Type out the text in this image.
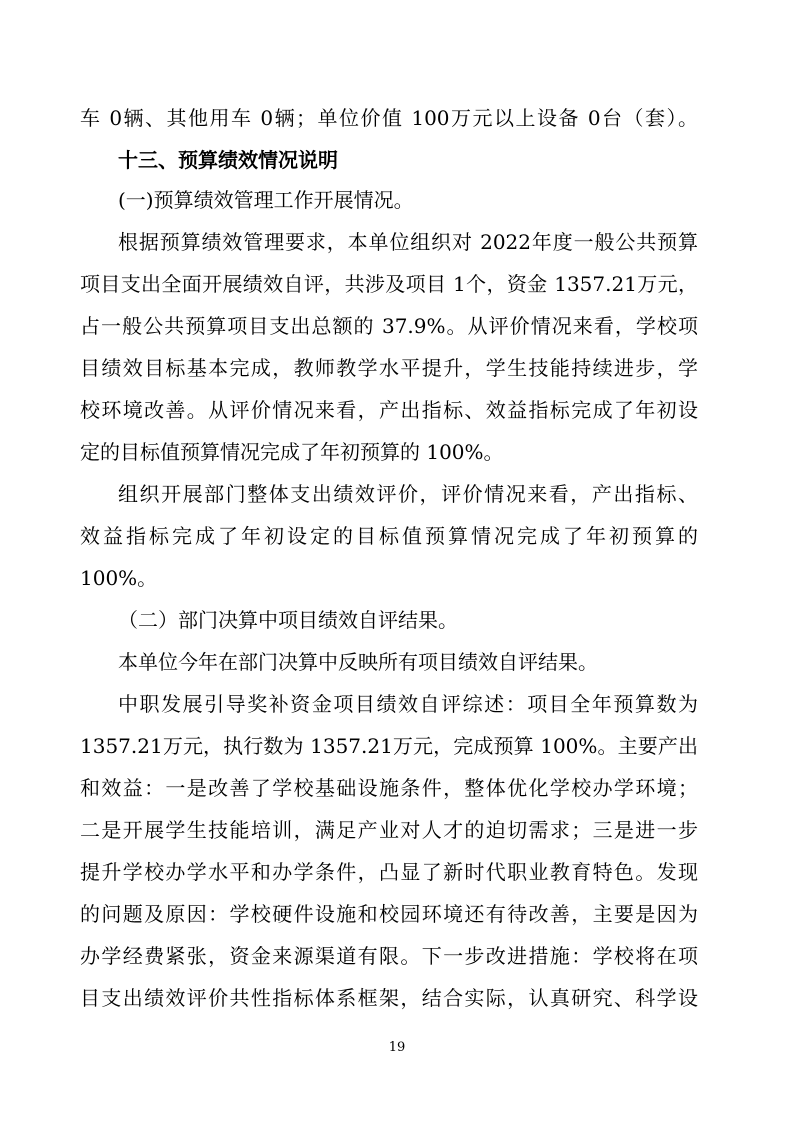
车 0辆、其他用车 0辆；单位价值 100万元以上设备 0台（套）。
十三、预算绩效情况说明
(一)预算绩效管理工作开展情况。
根据预算绩效管理要求，本单位组织对 2022年度一般公共预算
项目支出全面开展绩效自评，共涉及项目 1个，资金 1357.21万元，
占一般公共预算项目支出总额的 37.9%。从评价情况来看，学校项
目绩效目标基本完成，教师教学水平提升，学生技能持续进步，学
校环境改善。从评价情况来看，产出指标、效益指标完成了年初设
定的目标值预算情况完成了年初预算的 100%。
组织开展部门整体支出绩效评价，评价情况来看，产出指标、
效益指标完成了年初设定的目标值预算情况完成了年初预算的
100%。
（二）部门决算中项目绩效自评结果。
本单位今年在部门决算中反映所有项目绩效自评结果。
中职发展引导奖补资金项目绩效自评综述：项目全年预算数为
1357.21万元，执行数为 1357.21万元，完成预算 100%。主要产出
和效益：一是改善了学校基础设施条件，整体优化学校办学环境；
二是开展学生技能培训，满足产业对人才的迫切需求；三是进一步
提升学校办学水平和办学条件，凸显了新时代职业教育特色。发现
的问题及原因：学校硬件设施和校园环境还有待改善，主要是因为
办学经费紧张，资金来源渠道有限。下一步改进措施：学校将在项
目支出绩效评价共性指标体系框架，结合实际，认真研究、科学设
19
